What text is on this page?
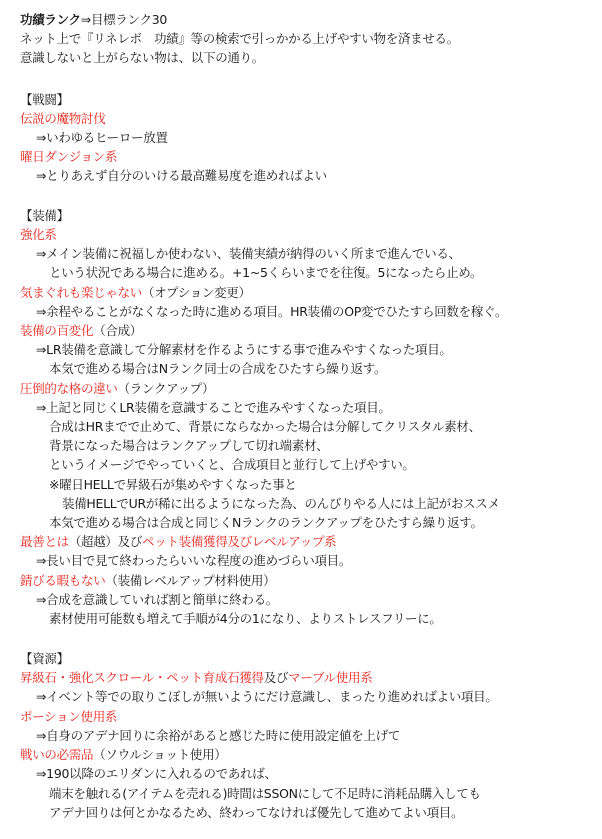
功績ランク⇒目標ランク30
ネット上で『リネレボ　功績』等の検索で引っかかる上げやすい物を済ませる。
意識しないと上がらない物は、以下の通り。
【戦闘】
伝説の魔物討伐
⇒いわゆるヒーロー放置
曜日ダンジョン系
⇒とりあえず自分のいける最高難易度を進めればよい
【装備】
強化系
⇒メイン装備に祝福しか使わない、装備実績が納得のいく所まで進んでいる、
という状況である場合に進める。+1~5くらいまでを往復。5になったら止め。
気まぐれも楽じゃない（オプション変更）
⇒余程やることがなくなった時に進める項目。HR装備のOP変でひたすら回数を稼ぐ。
装備の百変化（合成）
⇒LR装備を意識して分解素材を作るようにする事で進みやすくなった項目。
本気で進める場合はNランク同士の合成をひたすら繰り返す。
圧倒的な格の違い（ランクアップ）
⇒上記と同じくLR装備を意識することで進みやすくなった項目。
合成はHRまでで止めて、背景にならなかった場合は分解してクリスタル素材、
背景になった場合はランクアップして切れ端素材、
というイメージでやっていくと、合成項目と並行して上げやすい。
※曜日HELLで昇級石が集めやすくなった事と
装備HELLでURが稀に出るようになった為、のんびりやる人には上記がおススメ
本気で進める場合は合成と同じくNランクのランクアップをひたすら繰り返す。
最善とは（超越）及びペット装備獲得及びレベルアップ系
⇒長い目で見て終わったらいいな程度の進めづらい項目。
錆びる暇もない（装備レベルアップ材料使用）
⇒合成を意識していれば割と簡単に終わる。
素材使用可能数も増えて手順が4分の1になり、よりストレスフリーに。
【資源】
昇級石・強化スクロール・ペット育成石獲得及びマーブル使用系
⇒イベント等での取りこぼしが無いようにだけ意識し、まったり進めればよい項目。
ポーション使用系
⇒自身のアデナ回りに余裕があると感じた時に使用設定値を上げて
戦いの必需品（ソウルショット使用）
⇒190以降のエリダンに入れるのであれば、
端末を触れる(アイテムを売れる)時間はSSONにして不足時に消耗品購入しても
アデナ回りは何とかなるため、終わってなければ優先して進めてよい項目。
